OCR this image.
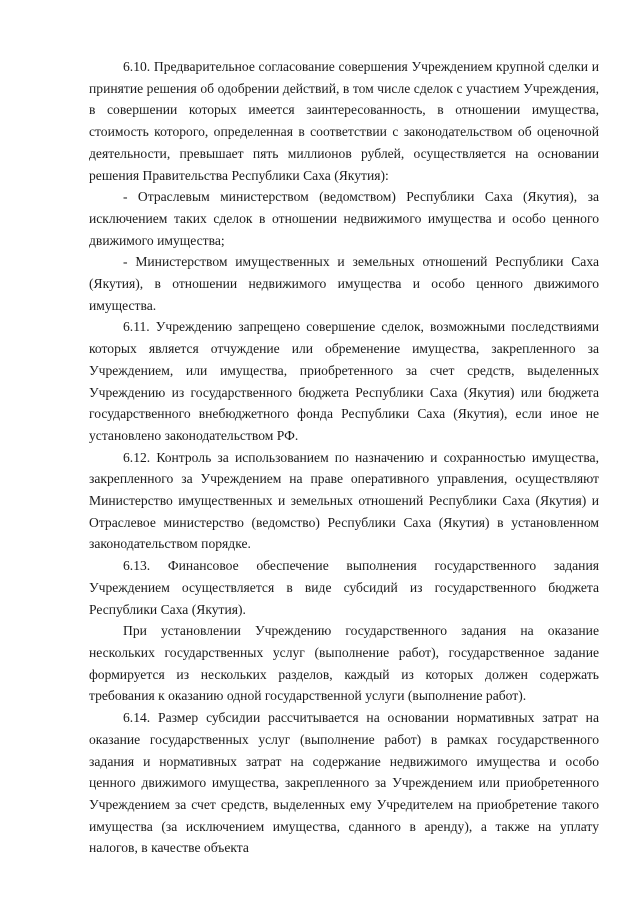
6.10. Предварительное согласование совершения Учреждением крупной сделки и принятие решения об одобрении действий, в том числе сделок с участием Учреждения, в совершении которых имеется заинтересованность, в отношении имущества, стоимость которого, определенная в соответствии с законодательством об оценочной деятельности, превышает пять миллионов рублей, осуществляется на основании решения Правительства Республики Саха (Якутия):

- Отраслевым министерством (ведомством) Республики Саха (Якутия), за исключением таких сделок в отношении недвижимого имущества и особо ценного движимого имущества;

- Министерством имущественных и земельных отношений Республики Саха (Якутия), в отношении недвижимого имущества и особо ценного движимого имущества.

6.11. Учреждению запрещено совершение сделок, возможными последствиями которых является отчуждение или обременение имущества, закрепленного за Учреждением, или имущества, приобретенного за счет средств, выделенных Учреждению из государственного бюджета Республики Саха (Якутия) или бюджета государственного внебюджетного фонда Республики Саха (Якутия), если иное не установлено законодательством РФ.

6.12. Контроль за использованием по назначению и сохранностью имущества, закрепленного за Учреждением на праве оперативного управления, осуществляют Министерство имущественных и земельных отношений Республики Саха (Якутия) и Отраслевое министерство (ведомство) Республики Саха (Якутия) в установленном законодательством порядке.

6.13. Финансовое обеспечение выполнения государственного задания Учреждением осуществляется в виде субсидий из государственного бюджета Республики Саха (Якутия).

При установлении Учреждению государственного задания на оказание нескольких государственных услуг (выполнение работ), государственное задание формируется из нескольких разделов, каждый из которых должен содержать требования к оказанию одной государственной услуги (выполнение работ).

6.14. Размер субсидии рассчитывается на основании нормативных затрат на оказание государственных услуг (выполнение работ) в рамках государственного задания и нормативных затрат на содержание недвижимого имущества и особо ценного движимого имущества, закрепленного за Учреждением или приобретенного Учреждением за счет средств, выделенных ему Учредителем на приобретение такого имущества (за исключением имущества, сданного в аренду), а также на уплату налогов, в качестве объекта
